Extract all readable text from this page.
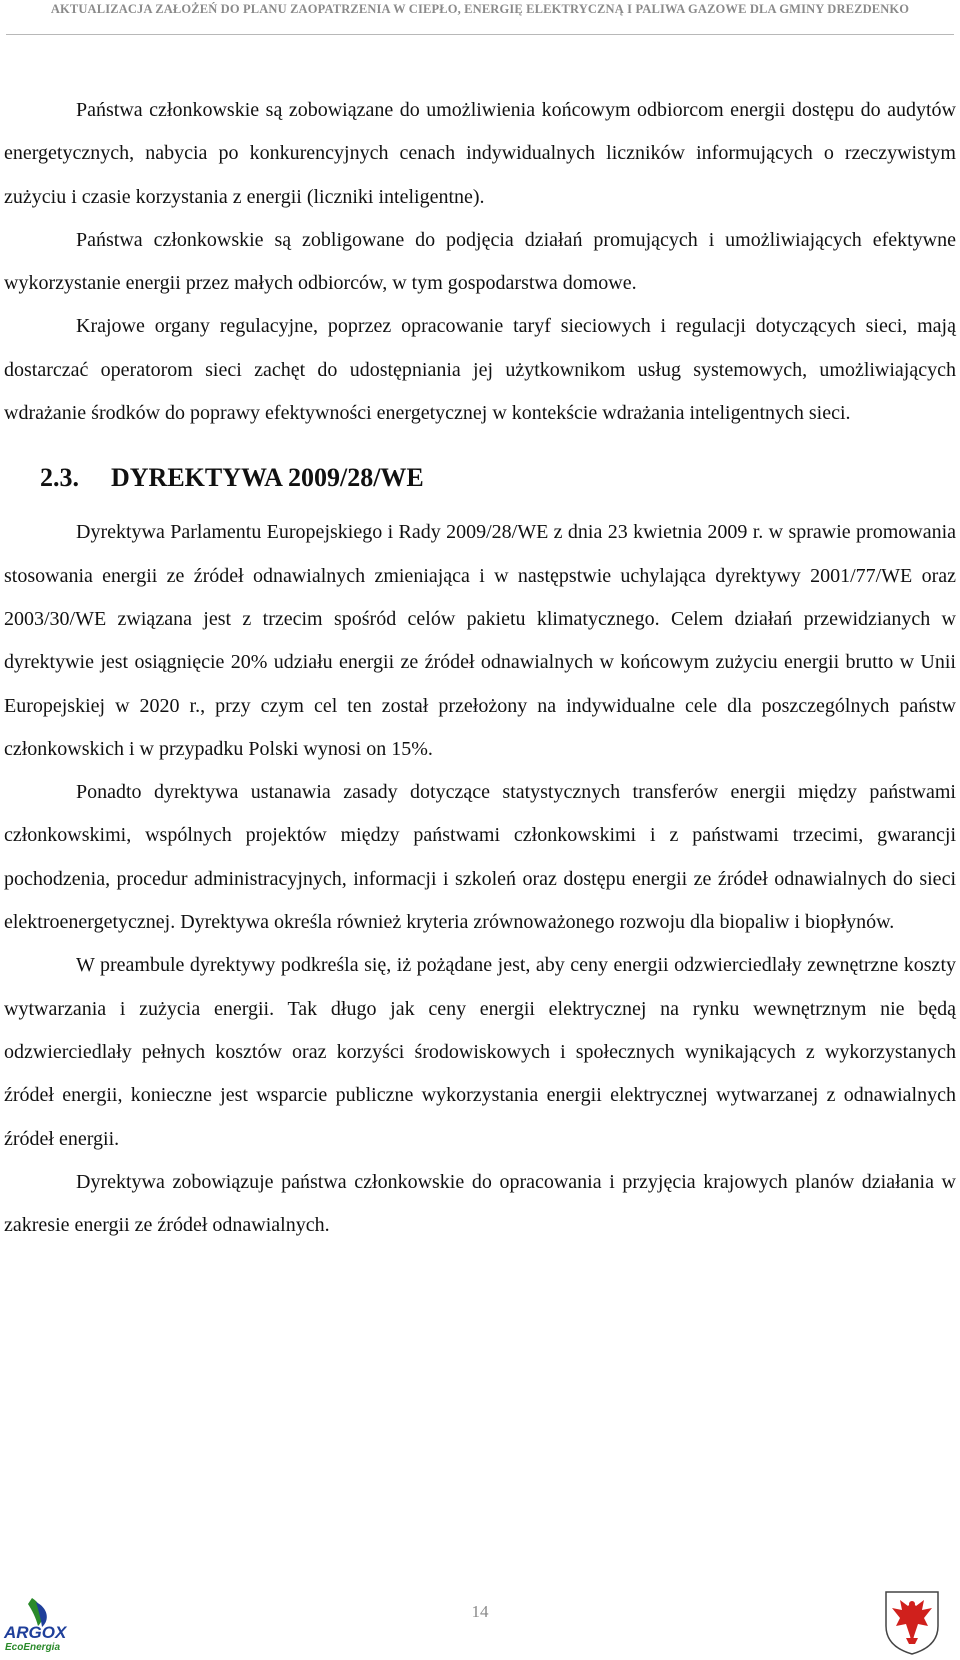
AKTUALIZACJA ZAŁOŻEŃ DO PLANU ZAOPATRZENIA W CIEPŁO, ENERGIĘ ELEKTRYCZNĄ I PALIWA GAZOWE DLA GMINY DREZDENKO

Państwa członkowskie są zobowiązane do umożliwienia końcowym odbiorcom energii dostępu do audytów energetycznych, nabycia po konkurencyjnych cenach indywidualnych liczników informujących o rzeczywistym zużyciu i czasie korzystania z energii (liczniki inteligentne).

Państwa członkowskie są zobligowane do podjęcia działań promujących i umożliwiających efektywne wykorzystanie energii przez małych odbiorców, w tym gospodarstwa domowe.

Krajowe organy regulacyjne, poprzez opracowanie taryf sieciowych i regulacji dotyczących sieci, mają dostarczać operatorom sieci zachęt do udostępniania jej użytkownikom usług systemowych, umożliwiających wdrażanie środków do poprawy efektywności energetycznej w kontekście wdrażania inteligentnych sieci.

2.3. DYREKTYWA 2009/28/WE

Dyrektywa Parlamentu Europejskiego i Rady 2009/28/WE z dnia 23 kwietnia 2009 r. w sprawie promowania stosowania energii ze źródeł odnawialnych zmieniająca i w następstwie uchylająca dyrektywy 2001/77/WE oraz 2003/30/WE związana jest z trzecim spośród celów pakietu klimatycznego. Celem działań przewidzianych w dyrektywie jest osiągnięcie 20% udziału energii ze źródeł odnawialnych w końcowym zużyciu energii brutto w Unii Europejskiej w 2020 r., przy czym cel ten został przełożony na indywidualne cele dla poszczególnych państw członkowskich i w przypadku Polski wynosi on 15%.

Ponadto dyrektywa ustanawia zasady dotyczące statystycznych transferów energii między państwami członkowskimi, wspólnych projektów między państwami członkowskimi i z państwami trzecimi, gwarancji pochodzenia, procedur administracyjnych, informacji i szkoleń oraz dostępu energii ze źródeł odnawialnych do sieci elektroenergetycznej. Dyrektywa określa również kryteria zrównoważonego rozwoju dla biopaliw i biopłynów.

W preambule dyrektywy podkreśla się, iż pożądane jest, aby ceny energii odzwierciedlały zewnętrzne koszty wytwarzania i zużycia energii. Tak długo jak ceny energii elektrycznej na rynku wewnętrznym nie będą odzwierciedlały pełnych kosztów oraz korzyści środowiskowych i społecznych wynikających z wykorzystanych źródeł energii, konieczne jest wsparcie publiczne wykorzystania energii elektrycznej wytwarzanej z odnawialnych źródeł energii.

Dyrektywa zobowiązuje państwa członkowskie do opracowania i przyjęcia krajowych planów działania w zakresie energii ze źródeł odnawialnych.

14
ARGOX
EcoEnergia
